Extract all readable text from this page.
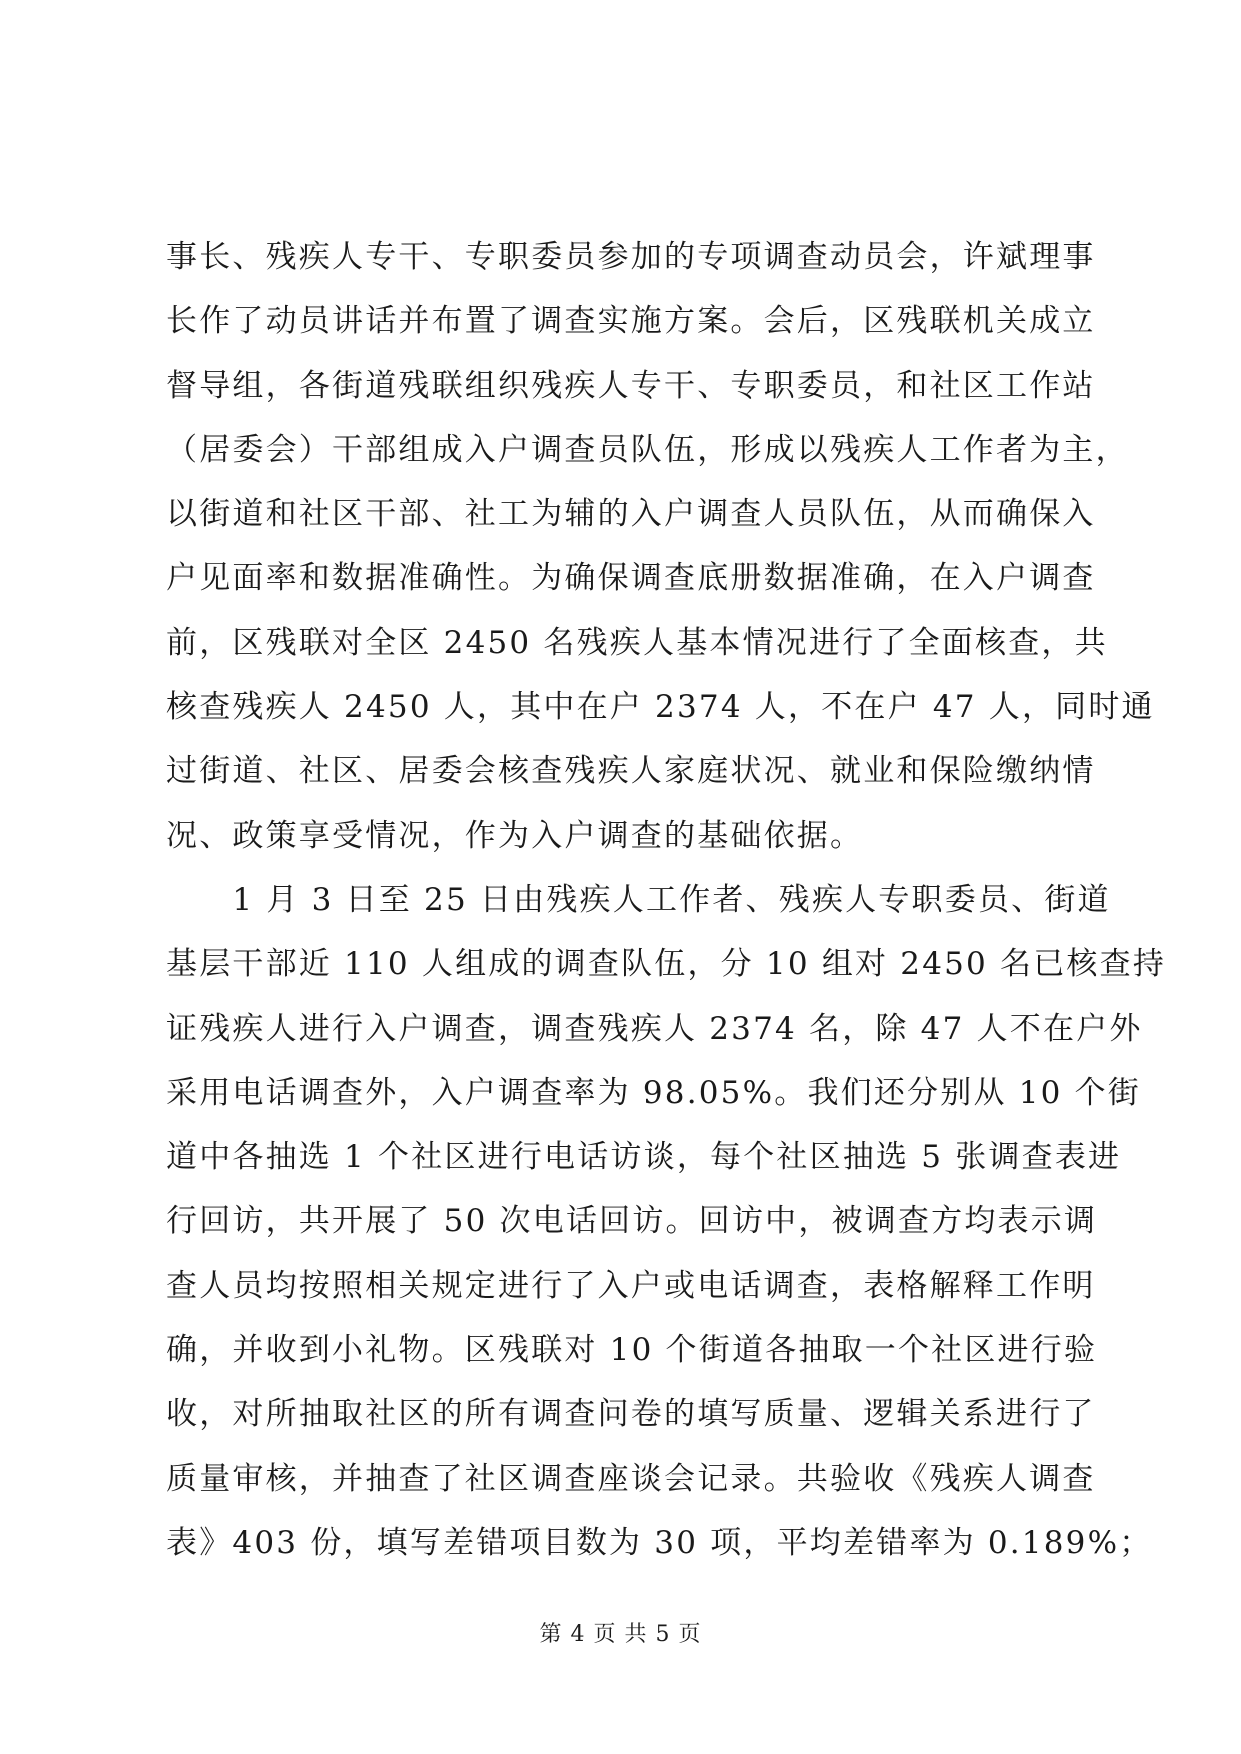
事长、残疾人专干、专职委员参加的专项调查动员会，许斌理事
长作了动员讲话并布置了调查实施方案。会后，区残联机关成立
督导组，各街道残联组织残疾人专干、专职委员，和社区工作站
（居委会）干部组成入户调查员队伍，形成以残疾人工作者为主，
以街道和社区干部、社工为辅的入户调查人员队伍，从而确保入
户见面率和数据准确性。为确保调查底册数据准确，在入户调查
前，区残联对全区 2450 名残疾人基本情况进行了全面核查，共
核查残疾人 2450 人，其中在户 2374 人，不在户 47 人，同时通
过街道、社区、居委会核查残疾人家庭状况、就业和保险缴纳情
况、政策享受情况，作为入户调查的基础依据。
　　1 月 3 日至 25 日由残疾人工作者、残疾人专职委员、街道
基层干部近 110 人组成的调查队伍，分 10 组对 2450 名已核查持
证残疾人进行入户调查，调查残疾人 2374 名，除 47 人不在户外
采用电话调查外，入户调查率为 98.05%。我们还分别从 10 个街
道中各抽选 1 个社区进行电话访谈，每个社区抽选 5 张调查表进
行回访，共开展了 50 次电话回访。回访中，被调查方均表示调
查人员均按照相关规定进行了入户或电话调查，表格解释工作明
确，并收到小礼物。区残联对 10 个街道各抽取一个社区进行验
收，对所抽取社区的所有调查问卷的填写质量、逻辑关系进行了
质量审核，并抽查了社区调查座谈会记录。共验收《残疾人调查
表》403 份，填写差错项目数为 30 项，平均差错率为 0.189%；
第 4 页 共 5 页
